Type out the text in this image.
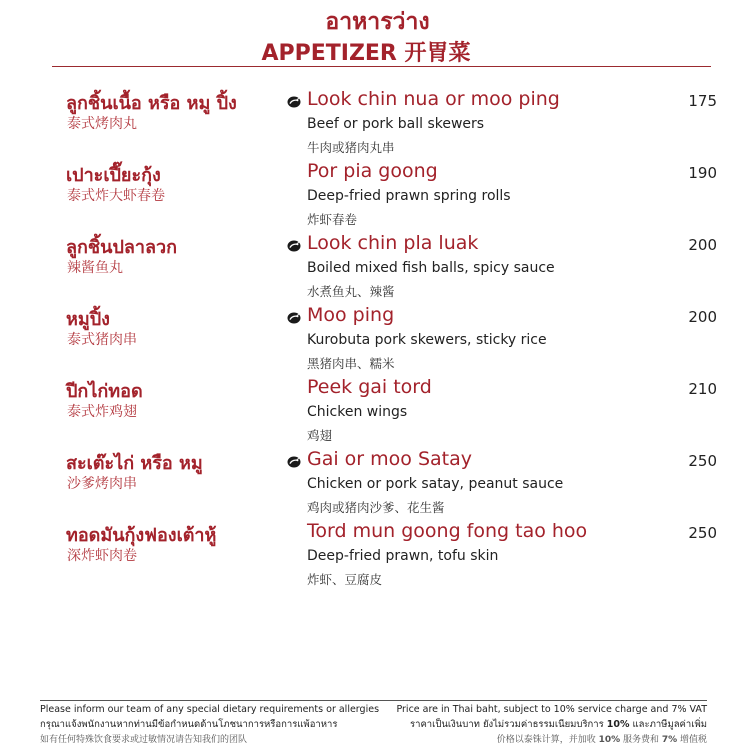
อาหารว่าง
APPETIZER 开胃菜
ลูกชิ้นเนื้อ หรือ หมู ปิ้ง
泰式烤肉丸
Look chin nua or moo ping
Beef or pork ball skewers
牛肉或猪肉丸串
175
เปาะเปี๊ยะกุ้ง
泰式炸大虾春卷
Por pia goong
Deep-fried prawn spring rolls
炸虾春卷
190
ลูกชิ้นปลาลวก
辣酱鱼丸
Look chin pla luak
Boiled mixed fish balls, spicy sauce
水煮鱼丸、辣酱
200
หมูปิ้ง
泰式猪肉串
Moo ping
Kurobuta pork skewers, sticky rice
黑猪肉串、糯米
200
ปีกไก่ทอด
泰式炸鸡翅
Peek gai tord
Chicken wings
鸡翅
210
สะเต๊ะไก่ หรือ หมู
沙爹烤肉串
Gai or moo Satay
Chicken or pork satay, peanut sauce
鸡肉或猪肉沙爹、花生酱
250
ทอดมันกุ้งฟองเต้าหู้
深炸虾肉卷
Tord mun goong fong tao hoo
Deep-fried prawn, tofu skin
炸虾、豆腐皮
250
Please inform our team of any special dietary requirements or allergies
กรุณาแจ้งพนักงานหากท่านมีข้อกำหนดด้านโภชนาการหรือการแพ้อาหาร
如有任何特殊饮食要求或过敏情况请告知我们的团队
Price are in Thai baht, subject to 10% service charge and 7% VAT
ราคาเป็นเงินบาท ยังไม่รวมค่าธรรมเนียมบริการ 10% และภาษีมูลค่าเพิ่ม
价格以泰铢计算，并加收 10% 服务费和 7% 增值税
